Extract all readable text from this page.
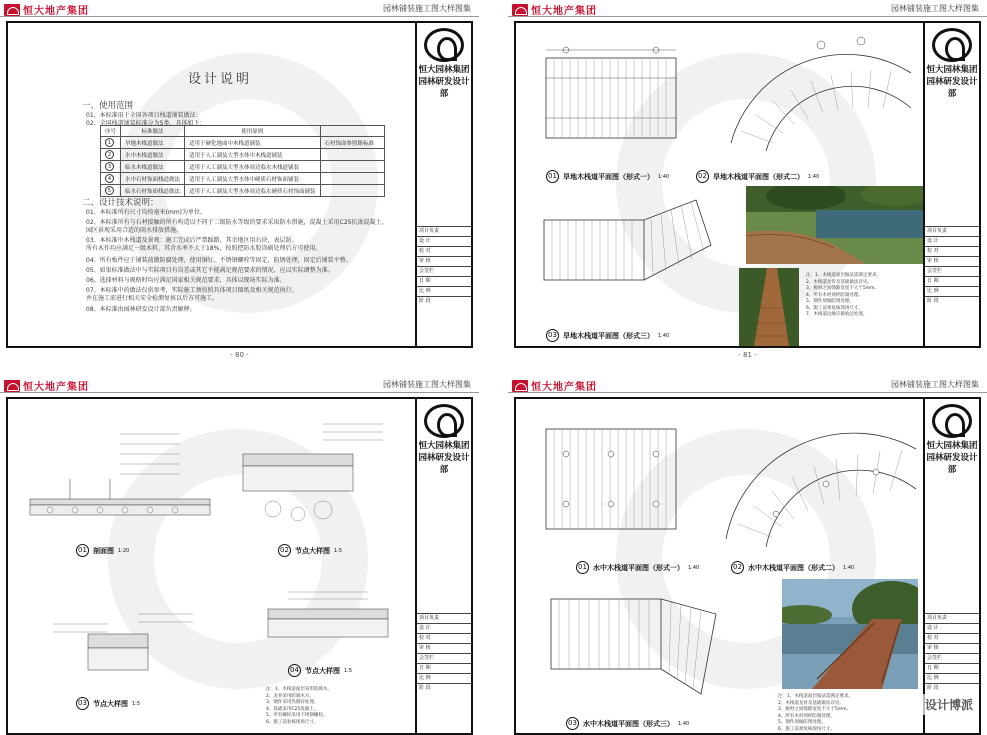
恒大地产集团	园林铺装施工图大样图集
设计说明
一、使用范围
01、本标准用于全国各项目栈道铺装做法；
02、全国栈道铺装标准分为5类，具体如下：
序号	标准做法	使用原则	
1	旱地木栈道做法	适用于硬化地面中木栈道铺装	石材饰面参照路标准
2	水中木栈道做法	适用于人工湖及大型水体中木栈道铺装	
3	临水木栈道做法	适用于人工湖及大型水体周边临水木栈道铺装	
4	水中石材饰面栈道做法	适用于人工湖及大型水体中硬质石材饰面铺装	
5	临水石材饰面栈道做法	适用于人工湖及大型水体周边临水硬质石材饰面铺装	
二、设计技术说明：
01、本标准所有尺寸均按毫米(mm)为单位。
02、本标准所有与石材接触的所有构造以不同于二级防水等级的要求采取防水措施，混凝土采用C25抗渗混凝土。
园区景观采用合适的雨水排放措施。
03、本标准中木栈道及景观：施工完成后严禁踩踏，其余地区用石块，表层防。
所有木作均应满足一级木料，其含水率不大于18%，按照把防水胶涂刷处理后方可使用。
04、所有板件应于铺装前做防腐处理，使用铜钉、不锈钢螺栓等固定，防锈处理，固定后铺装平整。
05、如果标准做法中与实际项目有误差或其它不能满足规范要求的情况，应以实际调整为准。
06、选择材料与规格时均应满足国家相关规范要求，具体以现场实际为准。
07、本标准中的做法仅供参考，实际施工须按照具体项目图纸及相关规范执行。
并在施工前进行相关安全检测复核以后方可施工。
08、本标准由园林研发设计部负责解释。
恒大园林集团
园林研发设计部
项目负责
设 计
校 对
审 核
会签栏
日 期
比 例
阶 段
- 80 -
恒大地产集团	园林铺装施工图大样图集
01 旱地木栈道平面图（形式一） 1:40	02 旱地木栈道平面图（形式二） 1:40
03 旱地木栈道平面图（形式三） 1:40
注：1、木栈道面层做法需满足要求。
2、木栈道龙骨及基础做法详见。
3、板材之间缝隙宽度不大于5mm。
4、所有木材须经防腐处理。
5、钢件须做防锈处理。
6、施工前须复核现场尺寸。
7、木栈道边缘应做收边处理。
恒大园林集团
园林研发设计部
项目负责
设 计
校 对
审 核
会签栏
日 期
比 例
阶 段
- 81 -
恒大地产集团	园林铺装施工图大样图集
01 剖面图 1:20	02 节点大样图 1:5
03 节点大样图 1:5
04 节点大样图 1:5
注：1、木栈道面层采用防腐木。
2、龙骨采用防腐木方。
3、钢件采用热镀锌处理。
4、基础采用C25混凝土。
5、所有螺栓采用不锈钢螺栓。
6、施工前复核现场尺寸。
恒大园林集团
园林研发设计部
项目负责
设 计
校 对
审 核
会签栏
日 期
比 例
阶 段
恒大地产集团	园林铺装施工图大样图集
01 水中木栈道平面图（形式一） 1:40	02 水中木栈道平面图（形式二） 1:40
03 水中木栈道平面图（形式三） 1:40
注：1、木栈道面层做法需满足要求。
2、木栈道龙骨及基础做法详见。
3、板材之间缝隙宽度不大于5mm。
4、所有木材须经防腐处理。
5、钢件须做防锈处理。
6、施工前须复核现场尺寸。
恒大园林集团
园林研发设计部
项目负责
设 计
校 对
审 核
会签栏
日 期
比 例
阶 段
设计博派
